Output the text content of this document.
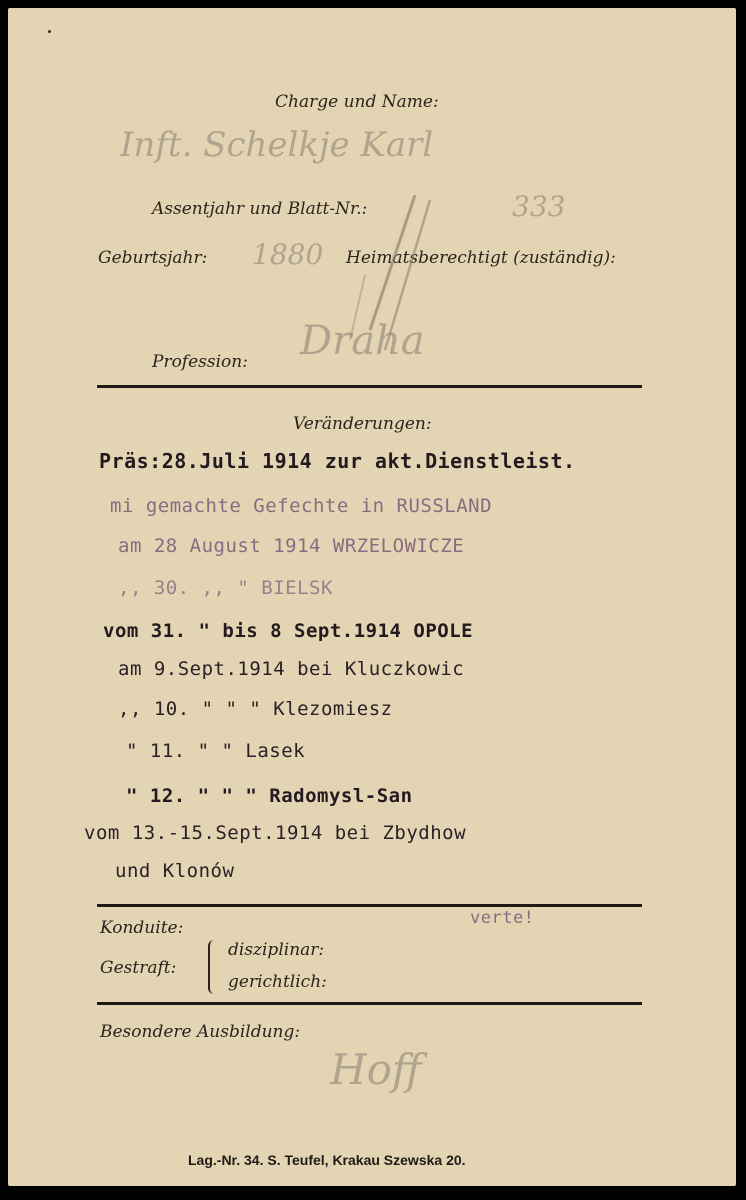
Charge und Name:
Inft. Schelkje Karl
Assentjahr und Blatt-Nr.:	333
Geburtsjahr: 1880 Heimatsberechtigt (zuständig):
Profession: Draha
Veränderungen:
Präs:28.Juli 1914 zur akt.Dienstleist.
mi gemachte Gefechte in RUSSLAND
am 28 August 1914 WRZELOWICZE
,, 30. ,, " BIELSK
vom 31. " bis 8 Sept.1914 OPOLE
am 9.Sept.1914 bei Kluczkowic
,, 10. " " " Klezomiesz
" 11. " " Lasek
" 12. " " " Radomysl-San
vom 13.-15.Sept.1914 bei Zbydhow
und Klonów
verte!
Konduite:
Gestraft:
disziplinar:
gerichtlich:
Besondere Ausbildung:
Hoff
Lag.-Nr. 34. S. Teufel, Krakau Szewska 20.
